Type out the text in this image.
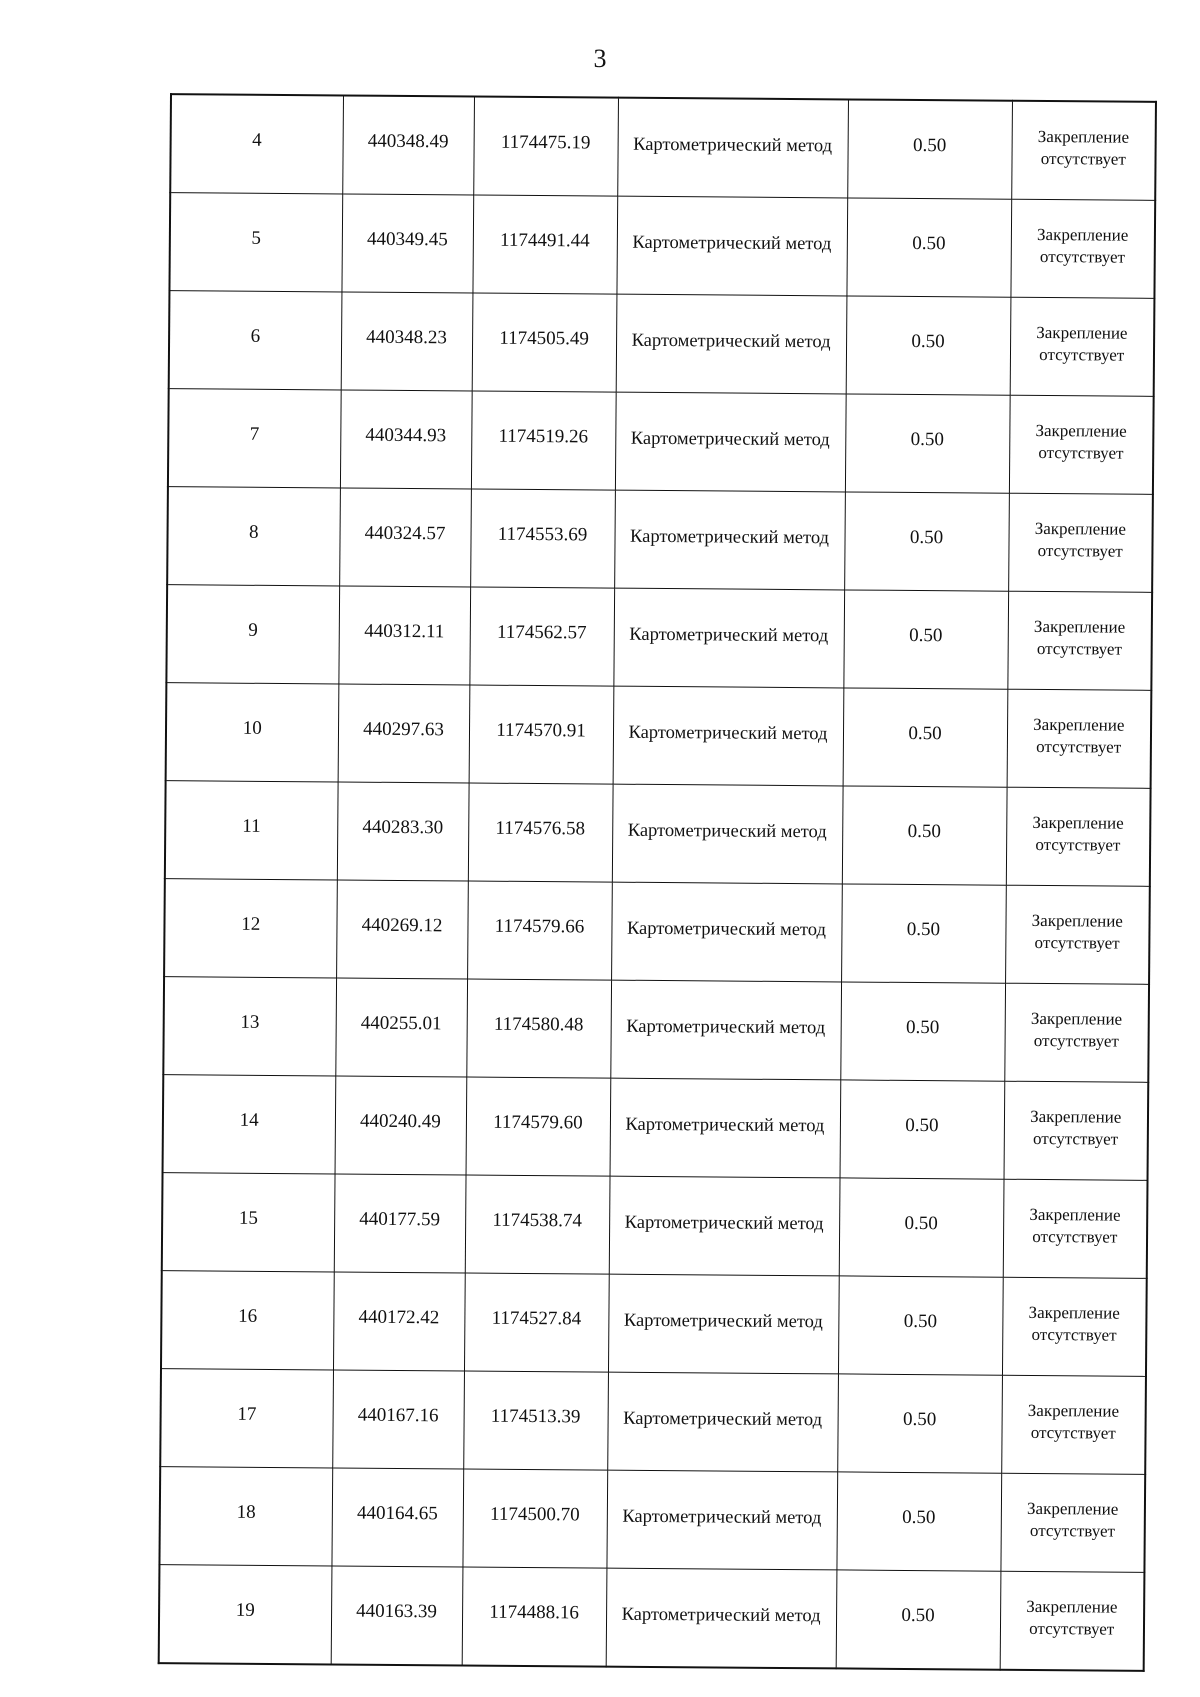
3
4	440348.49	1174475.19	Картометрический метод	0.50	Закрепление
отсутствует
5	440349.45	1174491.44	Картометрический метод	0.50	Закрепление
отсутствует
6	440348.23	1174505.49	Картометрический метод	0.50	Закрепление
отсутствует
7	440344.93	1174519.26	Картометрический метод	0.50	Закрепление
отсутствует
8	440324.57	1174553.69	Картометрический метод	0.50	Закрепление
отсутствует
9	440312.11	1174562.57	Картометрический метод	0.50	Закрепление
отсутствует
10	440297.63	1174570.91	Картометрический метод	0.50	Закрепление
отсутствует
11	440283.30	1174576.58	Картометрический метод	0.50	Закрепление
отсутствует
12	440269.12	1174579.66	Картометрический метод	0.50	Закрепление
отсутствует
13	440255.01	1174580.48	Картометрический метод	0.50	Закрепление
отсутствует
14	440240.49	1174579.60	Картометрический метод	0.50	Закрепление
отсутствует
15	440177.59	1174538.74	Картометрический метод	0.50	Закрепление
отсутствует
16	440172.42	1174527.84	Картометрический метод	0.50	Закрепление
отсутствует
17	440167.16	1174513.39	Картометрический метод	0.50	Закрепление
отсутствует
18	440164.65	1174500.70	Картометрический метод	0.50	Закрепление
отсутствует
19	440163.39	1174488.16	Картометрический метод	0.50	Закрепление
отсутствует
